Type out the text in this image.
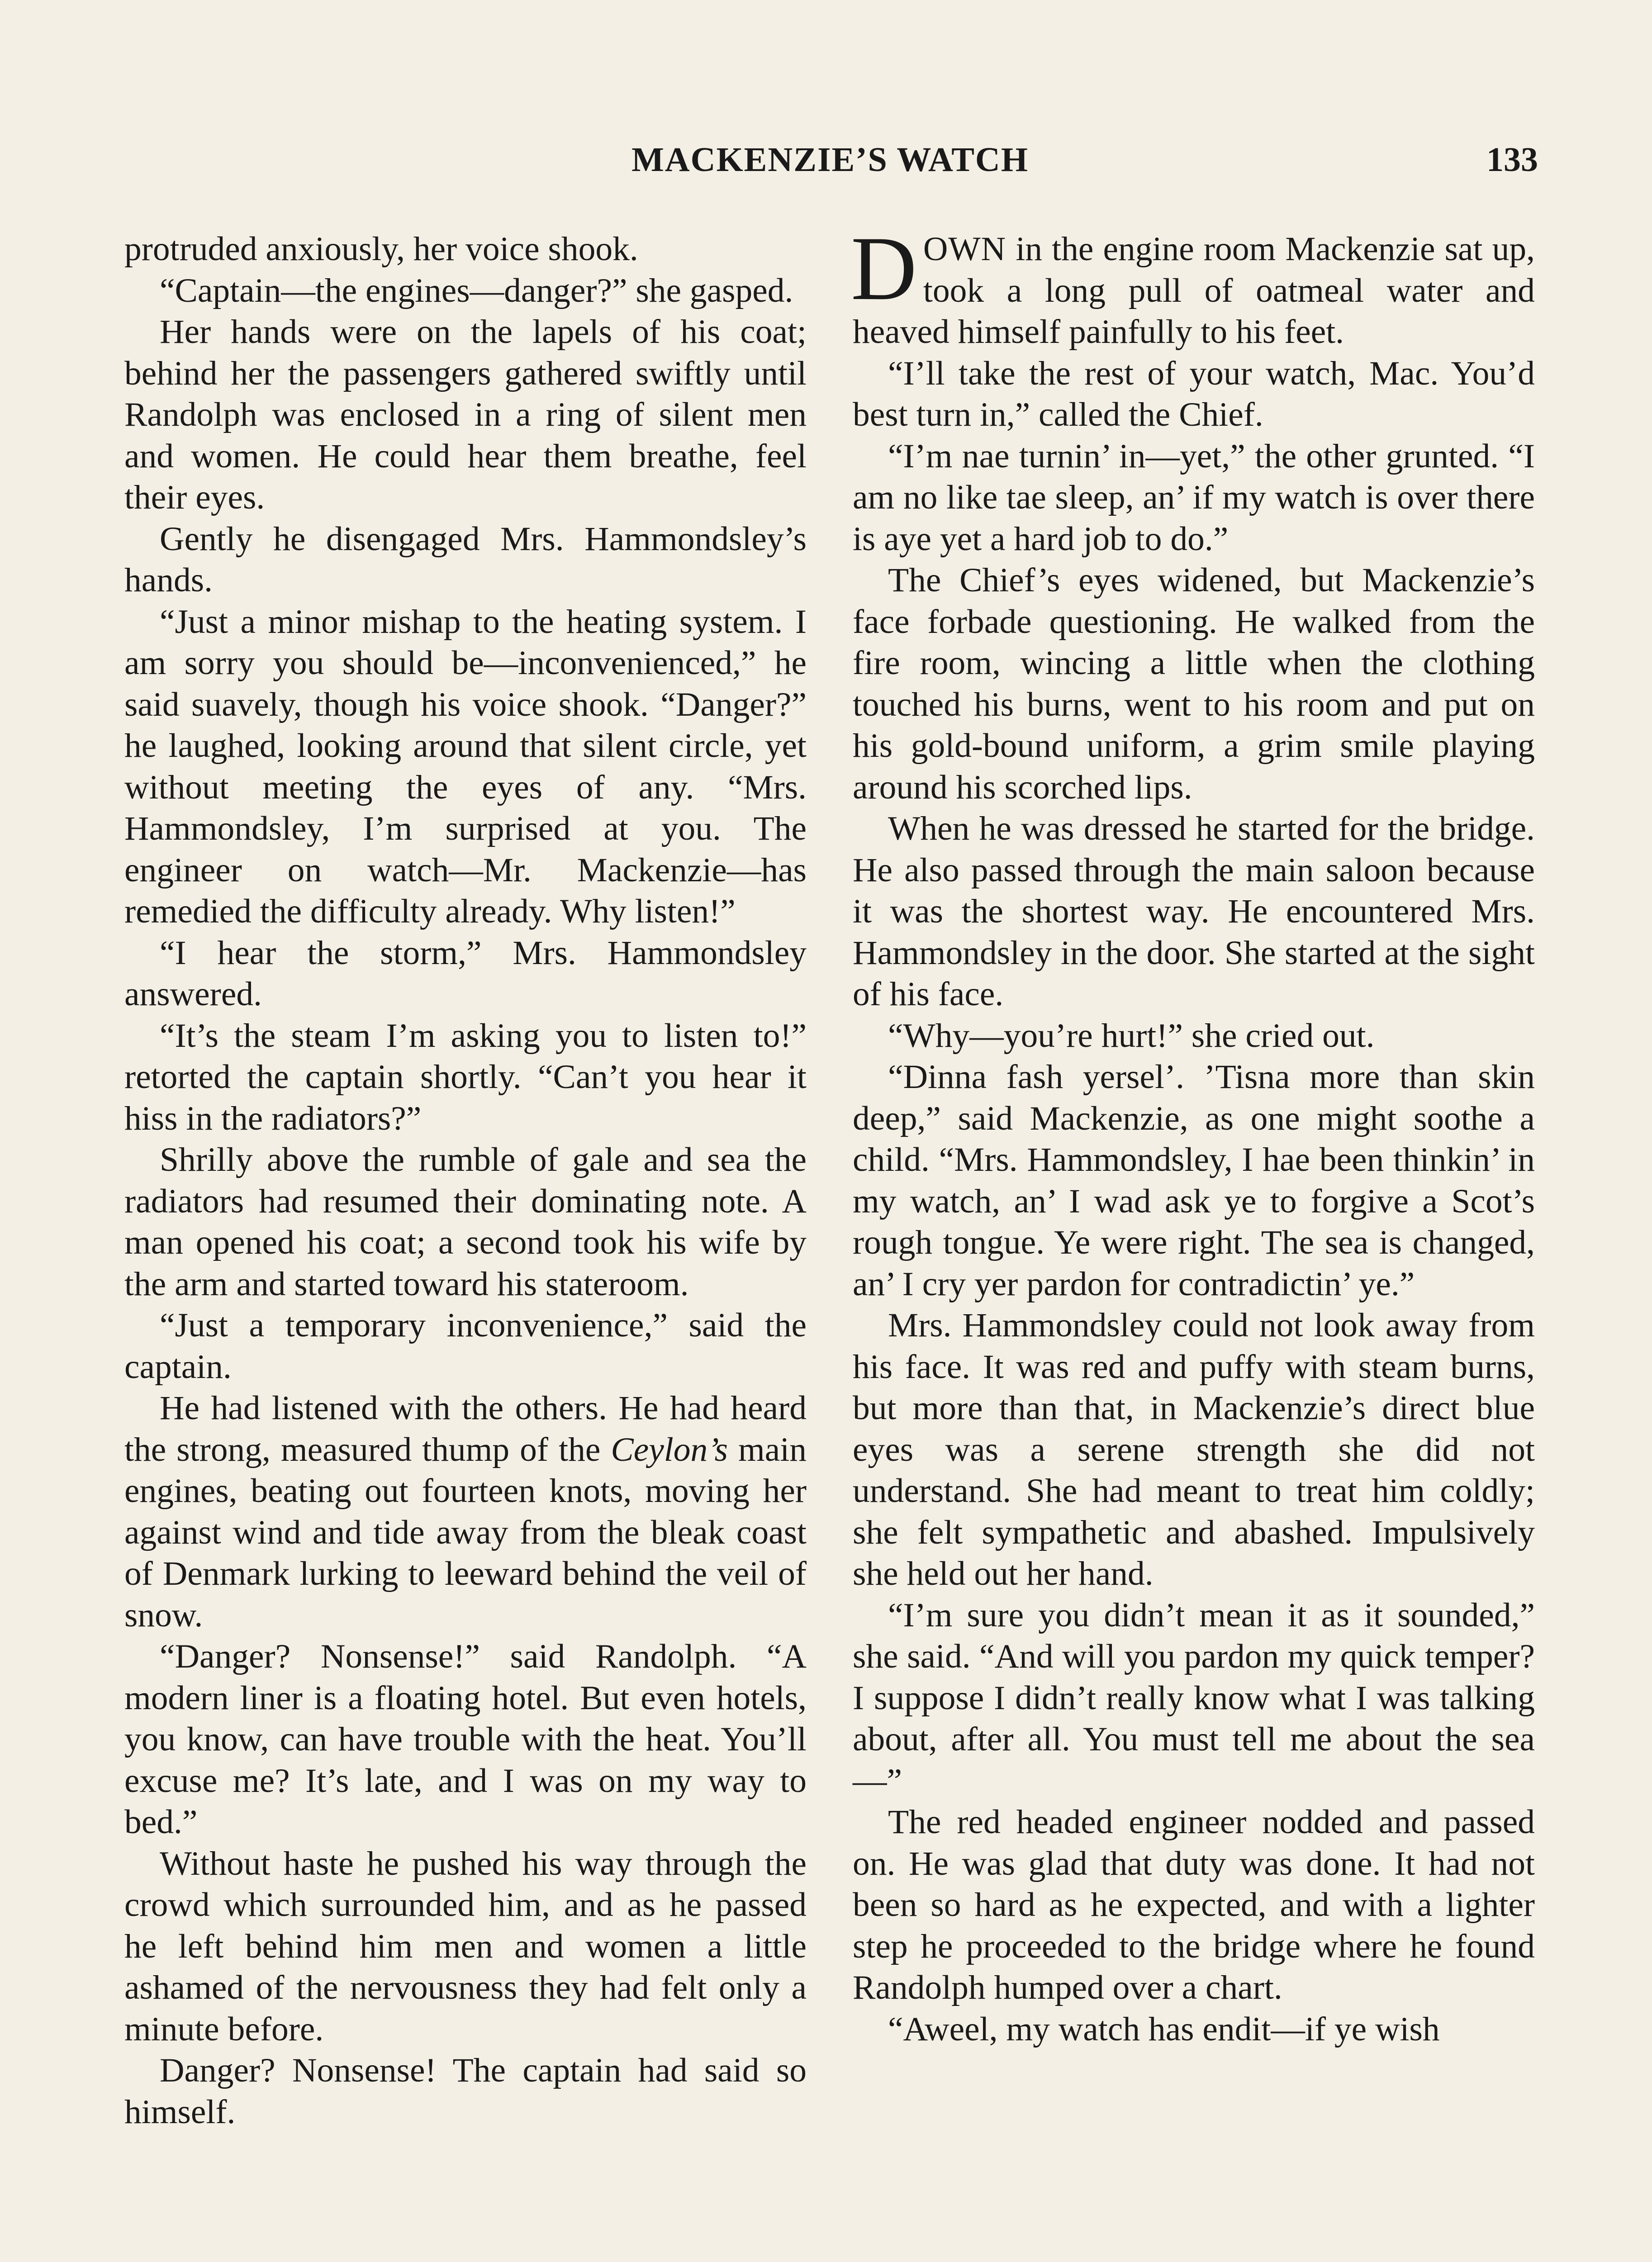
MACKENZIE’S WATCH	133

protruded anxiously, her voice shook.

“Captain—the engines—danger?” she gasped.

Her hands were on the lapels of his coat; behind her the passengers gathered swiftly until Randolph was enclosed in a ring of silent men and women. He could hear them breathe, feel their eyes.

Gently he disengaged Mrs. Hammondsley’s hands.

“Just a minor mishap to the heating system. I am sorry you should be—inconvenienced,” he said suavely, though his voice shook. “Danger?” he laughed, looking around that silent circle, yet without meeting the eyes of any. “Mrs. Hammondsley, I’m surprised at you. The engineer on watch—Mr. Mackenzie—has remedied the difficulty already. Why listen!”

“I hear the storm,” Mrs. Hammondsley answered.

“It’s the steam I’m asking you to listen to!” retorted the captain shortly. “Can’t you hear it hiss in the radiators?”

Shrilly above the rumble of gale and sea the radiators had resumed their dominating note. A man opened his coat; a second took his wife by the arm and started toward his stateroom.

“Just a temporary inconvenience,” said the captain.

He had listened with the others. He had heard the strong, measured thump of the Ceylon’s main engines, beating out fourteen knots, moving her against wind and tide away from the bleak coast of Denmark lurking to leeward behind the veil of snow.

“Danger? Nonsense!” said Randolph. “A modern liner is a floating hotel. But even hotels, you know, can have trouble with the heat. You’ll excuse me? It’s late, and I was on my way to bed.”

Without haste he pushed his way through the crowd which surrounded him, and as he passed he left behind him men and women a little ashamed of the nervousness they had felt only a minute before.

Danger? Nonsense! The captain had said so himself.

DOWN in the engine room Mackenzie sat up, took a long pull of oatmeal water and heaved himself painfully to his feet.

“I’ll take the rest of your watch, Mac. You’d best turn in,” called the Chief.

“I’m nae turnin’ in—yet,” the other grunted. “I am no like tae sleep, an’ if my watch is over there is aye yet a hard job to do.”

The Chief’s eyes widened, but Mackenzie’s face forbade questioning. He walked from the fire room, wincing a little when the clothing touched his burns, went to his room and put on his gold-bound uniform, a grim smile playing around his scorched lips.

When he was dressed he started for the bridge. He also passed through the main saloon because it was the shortest way. He encountered Mrs. Hammondsley in the door. She started at the sight of his face.

“Why—you’re hurt!” she cried out.

“Dinna fash yersel’. ’Tisna more than skin deep,” said Mackenzie, as one might soothe a child. “Mrs. Hammondsley, I hae been thinkin’ in my watch, an’ I wad ask ye to forgive a Scot’s rough tongue. Ye were right. The sea is changed, an’ I cry yer pardon for contradictin’ ye.”

Mrs. Hammondsley could not look away from his face. It was red and puffy with steam burns, but more than that, in Mackenzie’s direct blue eyes was a serene strength she did not understand. She had meant to treat him coldly; she felt sympathetic and abashed. Impulsively she held out her hand.

“I’m sure you didn’t mean it as it sounded,” she said. “And will you pardon my quick temper? I suppose I didn’t really know what I was talking about, after all. You must tell me about the sea—”

The red headed engineer nodded and passed on. He was glad that duty was done. It had not been so hard as he expected, and with a lighter step he proceeded to the bridge where he found Randolph humped over a chart.

“Aweel, my watch has endit—if ye wish
